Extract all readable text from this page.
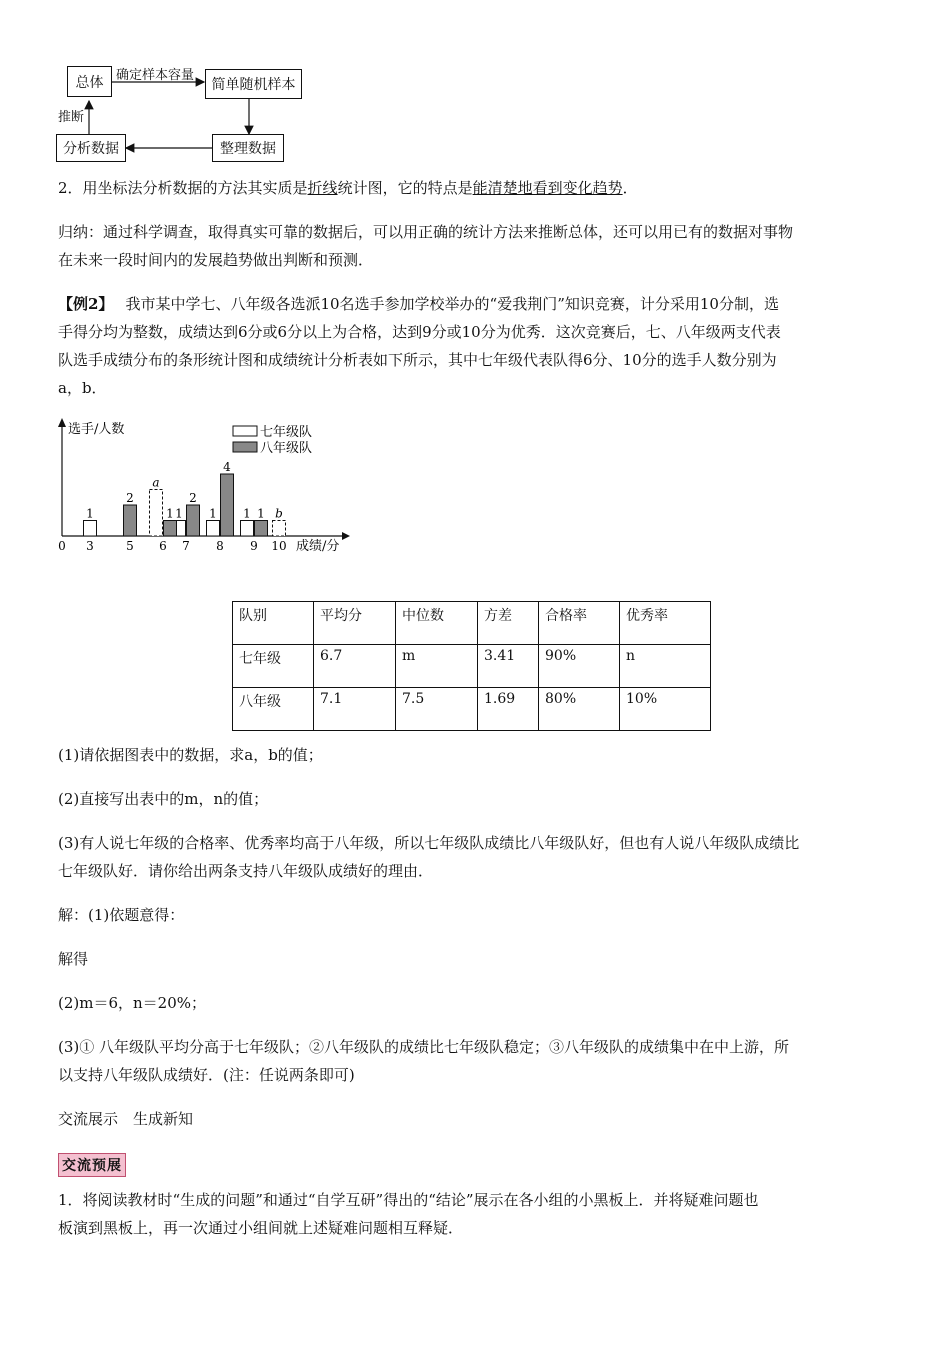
总体 确定样本容量
简单随机样本
整理数据
分析数据
推断
2．用坐标法分析数据的方法其实质是折线统计图，它的特点是能清楚地看到变化趋势．
归纳：通过科学调查，取得真实可靠的数据后，可以用正确的统计方法来推断总体，还可以用已有的数据对事物
在未来一段时间内的发展趋势做出判断和预测．
【例2】 我市某中学七、八年级各选派10名选手参加学校举办的“爱我荆门”知识竞赛，计分采用10分制，选
手得分均为整数，成绩达到6分或6分以上为合格，达到9分或10分为优秀．这次竞赛后，七、八年级两支代表
队选手成绩分布的条形统计图和成绩统计分析表如下所示，其中七年级代表队得6分、10分的选手人数分别为
a，b．
选手/人数
成绩/分
七年级队
八年级队
0 3	5 6 7 8 9 10
1
a
1 1 1 b
2
1
2
4
1
队别	平均分	中位数	方差	合格率	优秀率
七年级	6.7	m	3.41	90%	n
八年级	7.1	7.5	1.69	80%	10%
(1)请依据图表中的数据，求a，b的值；
(2)直接写出表中的m，n的值；
(3)有人说七年级的合格率、优秀率均高于八年级，所以七年级队成绩比八年级队好，但也有人说八年级队成绩比
七年级队好．请你给出两条支持八年级队成绩好的理由．
解：(1)依题意得：
解得
(2)m＝6，n＝20%；
(3)① 八年级队平均分高于七年级队；②八年级队的成绩比七年级队稳定；③八年级队的成绩集中在中上游，所
以支持八年级队成绩好．(注：任说两条即可)
交流展示　生成新知
交流预展
1．将阅读教材时“生成的问题”和通过“自学互研”得出的“结论”展示在各小组的小黑板上．并将疑难问题也
板演到黑板上，再一次通过小组间就上述疑难问题相互释疑．
